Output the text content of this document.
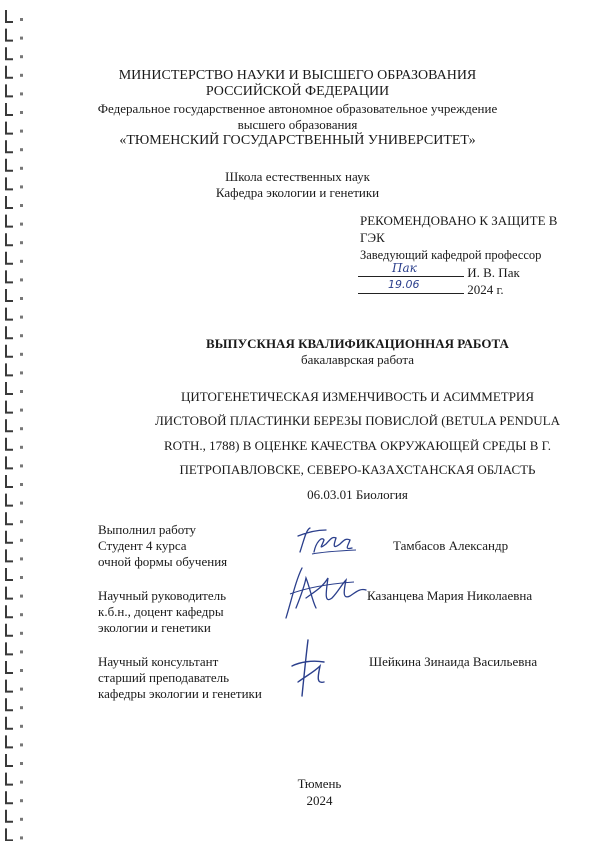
МИНИСТЕРСТВО НАУКИ И ВЫСШЕГО ОБРАЗОВАНИЯ
РОССИЙСКОЙ ФЕДЕРАЦИИ
Федеральное государственное автономное образовательное учреждение
высшего образования
«ТЮМЕНСКИЙ ГОСУДАРСТВЕННЫЙ УНИВЕРСИТЕТ»
Школа естественных наук
Кафедра экологии и генетики
РЕКОМЕНДОВАНО К ЗАЩИТЕ В
ГЭК
Заведующий кафедрой профессор
Пак	И. В. Пак
19.06	2024 г.
ВЫПУСКНАЯ КВАЛИФИКАЦИОННАЯ РАБОТА
бакалаврская работа
ЦИТОГЕНЕТИЧЕСКАЯ ИЗМЕНЧИВОСТЬ И АСИММЕТРИЯ
ЛИСТОВОЙ ПЛАСТИНКИ БЕРЕЗЫ ПОВИСЛОЙ (BETULA PENDULA
ROTH., 1788) В ОЦЕНКЕ КАЧЕСТВА ОКРУЖАЮЩЕЙ СРЕДЫ В Г.
ПЕТРОПАВЛОВСКЕ, СЕВЕРО-КАЗАХСТАНСКАЯ ОБЛАСТЬ
06.03.01 Биология
Выполнил работу
Студент 4 курса
очной формы обучения
Тамбасов Александр
Научный руководитель
к.б.н., доцент кафедры
экологии и генетики
Казанцева Мария Николаевна
Научный консультант
старший преподаватель
кафедры экологии и генетики
Шейкина Зинаида Васильевна
Тюмень
2024
